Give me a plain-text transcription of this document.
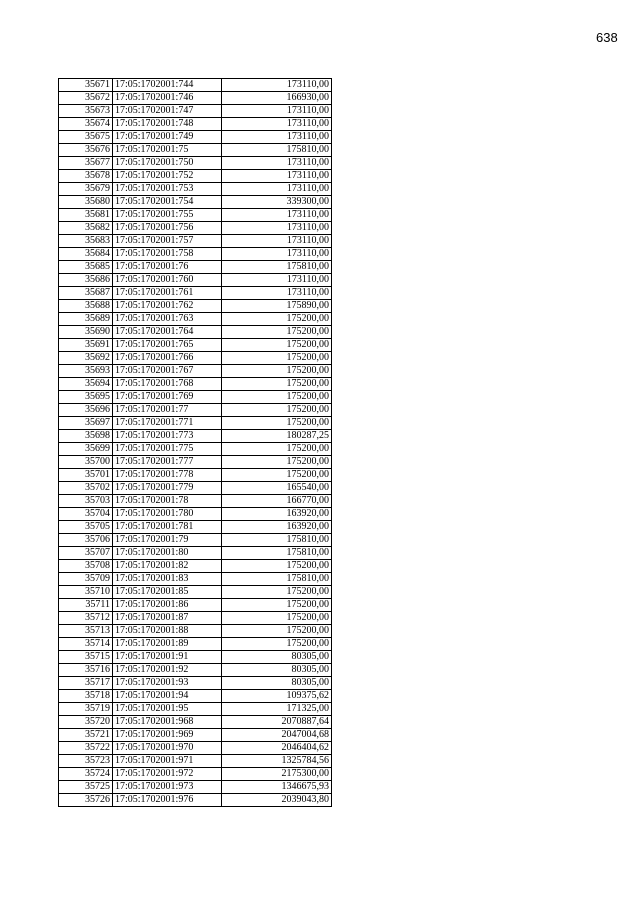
638
35671	17:05:1702001:744	173110,00
35672	17:05:1702001:746	166930,00
35673	17:05:1702001:747	173110,00
35674	17:05:1702001:748	173110,00
35675	17:05:1702001:749	173110,00
35676	17:05:1702001:75	175810,00
35677	17:05:1702001:750	173110,00
35678	17:05:1702001:752	173110,00
35679	17:05:1702001:753	173110,00
35680	17:05:1702001:754	339300,00
35681	17:05:1702001:755	173110,00
35682	17:05:1702001:756	173110,00
35683	17:05:1702001:757	173110,00
35684	17:05:1702001:758	173110,00
35685	17:05:1702001:76	175810,00
35686	17:05:1702001:760	173110,00
35687	17:05:1702001:761	173110,00
35688	17:05:1702001:762	175890,00
35689	17:05:1702001:763	175200,00
35690	17:05:1702001:764	175200,00
35691	17:05:1702001:765	175200,00
35692	17:05:1702001:766	175200,00
35693	17:05:1702001:767	175200,00
35694	17:05:1702001:768	175200,00
35695	17:05:1702001:769	175200,00
35696	17:05:1702001:77	175200,00
35697	17:05:1702001:771	175200,00
35698	17:05:1702001:773	180287,25
35699	17:05:1702001:775	175200,00
35700	17:05:1702001:777	175200,00
35701	17:05:1702001:778	175200,00
35702	17:05:1702001:779	165540,00
35703	17:05:1702001:78	166770,00
35704	17:05:1702001:780	163920,00
35705	17:05:1702001:781	163920,00
35706	17:05:1702001:79	175810,00
35707	17:05:1702001:80	175810,00
35708	17:05:1702001:82	175200,00
35709	17:05:1702001:83	175810,00
35710	17:05:1702001:85	175200,00
35711	17:05:1702001:86	175200,00
35712	17:05:1702001:87	175200,00
35713	17:05:1702001:88	175200,00
35714	17:05:1702001:89	175200,00
35715	17:05:1702001:91	80305,00
35716	17:05:1702001:92	80305,00
35717	17:05:1702001:93	80305,00
35718	17:05:1702001:94	109375,62
35719	17:05:1702001:95	171325,00
35720	17:05:1702001:968	2070887,64
35721	17:05:1702001:969	2047004,68
35722	17:05:1702001:970	2046404,62
35723	17:05:1702001:971	1325784,56
35724	17:05:1702001:972	2175300,00
35725	17:05:1702001:973	1346675,93
35726	17:05:1702001:976	2039043,80
